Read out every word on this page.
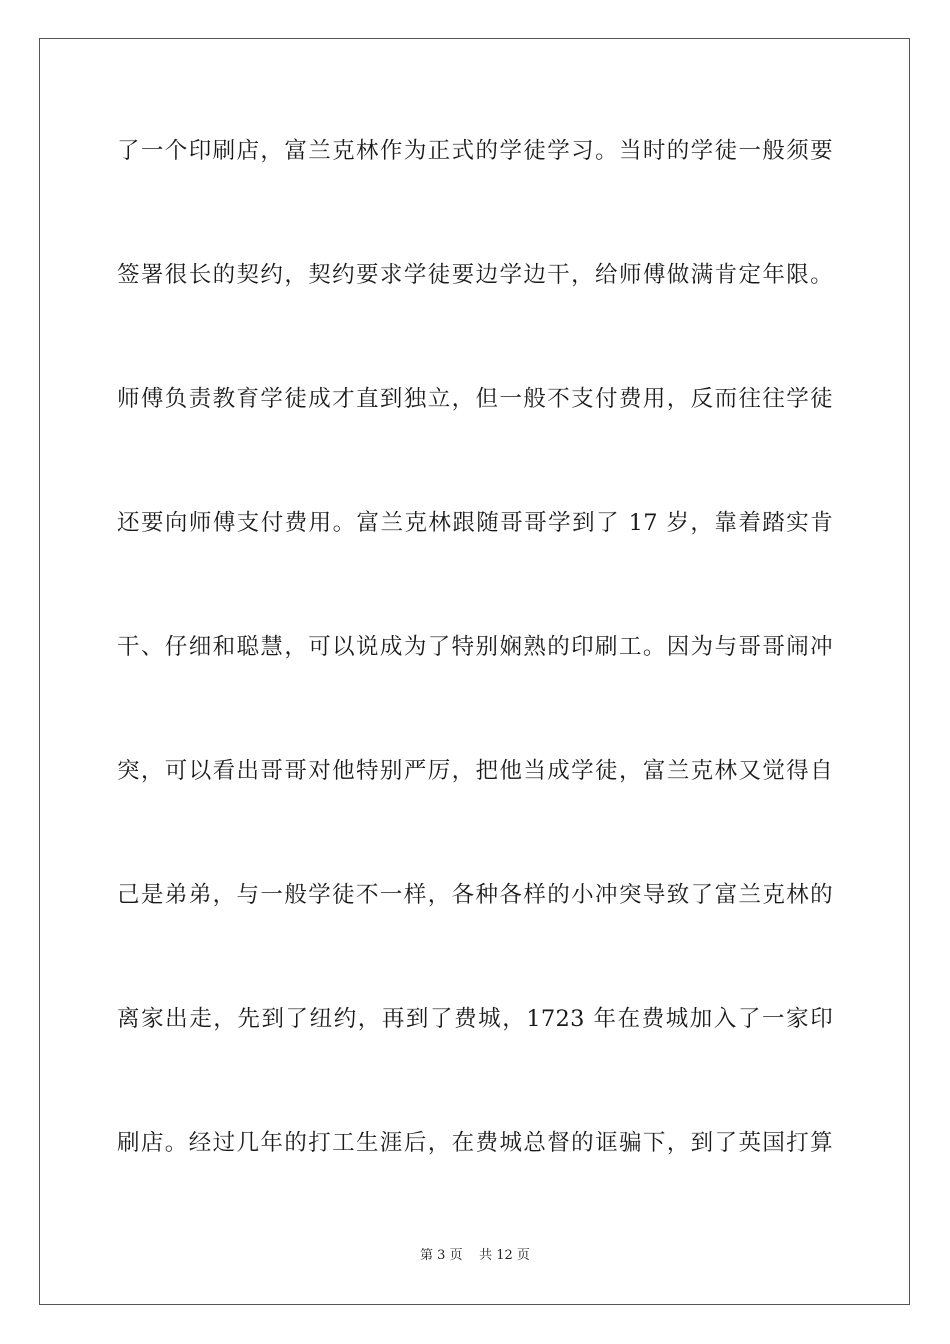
了一个印刷店，富兰克林作为正式的学徒学习。当时的学徒一般须要
签署很长的契约，契约要求学徒要边学边干，给师傅做满肯定年限。
师傅负责教育学徒成才直到独立，但一般不支付费用，反而往往学徒
还要向师傅支付费用。富兰克林跟随哥哥学到了 17 岁，靠着踏实肯
干、仔细和聪慧，可以说成为了特别娴熟的印刷工。因为与哥哥闹冲
突，可以看出哥哥对他特别严厉，把他当成学徒，富兰克林又觉得自
己是弟弟，与一般学徒不一样，各种各样的小冲突导致了富兰克林的
离家出走，先到了纽约，再到了费城，1723 年在费城加入了一家印
刷店。经过几年的打工生涯后，在费城总督的诓骗下，到了英国打算
第 3 页 共 12 页
